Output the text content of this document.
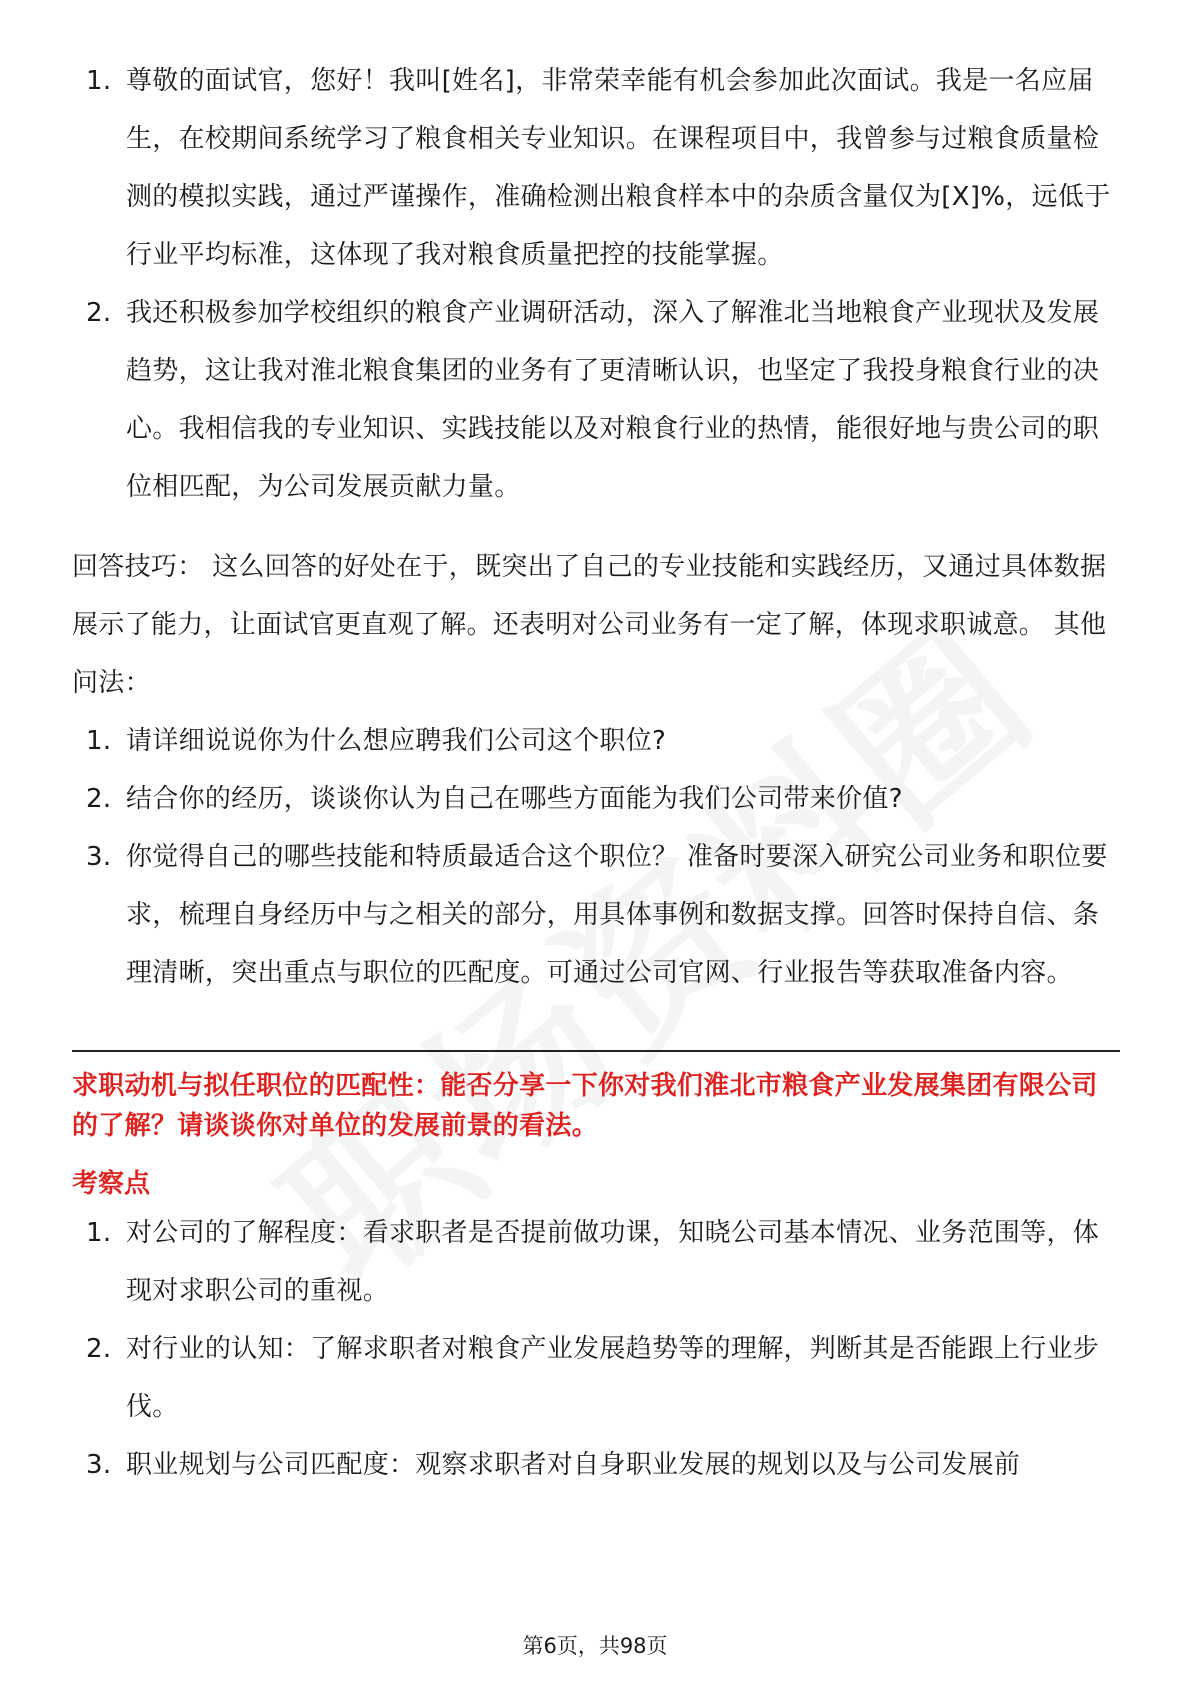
1. 尊敬的面试官，您好！我叫[姓名]，非常荣幸能有机会参加此次面试。我是一名应届生，在校期间系统学习了粮食相关专业知识。在课程项目中，我曾参与过粮食质量检测的模拟实践，通过严谨操作，准确检测出粮食样本中的杂质含量仅为[X]%，远低于行业平均标准，这体现了我对粮食质量把控的技能掌握。
2. 我还积极参加学校组织的粮食产业调研活动，深入了解淮北当地粮食产业现状及发展趋势，这让我对淮北粮食集团的业务有了更清晰认识，也坚定了我投身粮食行业的决心。我相信我的专业知识、实践技能以及对粮食行业的热情，能很好地与贵公司的职位相匹配，为公司发展贡献力量。

回答技巧： 这么回答的好处在于，既突出了自己的专业技能和实践经历，又通过具体数据展示了能力，让面试官更直观了解。还表明对公司业务有一定了解，体现求职诚意。 其他问法：

1. 请详细说说你为什么想应聘我们公司这个职位?
2. 结合你的经历，谈谈你认为自己在哪些方面能为我们公司带来价值?
3. 你觉得自己的哪些技能和特质最适合这个职位？ 准备时要深入研究公司业务和职位要求，梳理自身经历中与之相关的部分，用具体事例和数据支撑。回答时保持自信、条理清晰，突出重点与职位的匹配度。可通过公司官网、行业报告等获取准备内容。
求职动机与拟任职位的匹配性：能否分享一下你对我们淮北市粮食产业发展集团有限公司的了解？请谈谈你对单位的发展前景的看法。
考察点
1. 对公司的了解程度：看求职者是否提前做功课，知晓公司基本情况、业务范围等，体现对求职公司的重视。
2. 对行业的认知：了解求职者对粮食产业发展趋势等的理解，判断其是否能跟上行业步伐。
3. 职业规划与公司匹配度：观察求职者对自身职业发展的规划以及与公司发展前
第6页，共98页
